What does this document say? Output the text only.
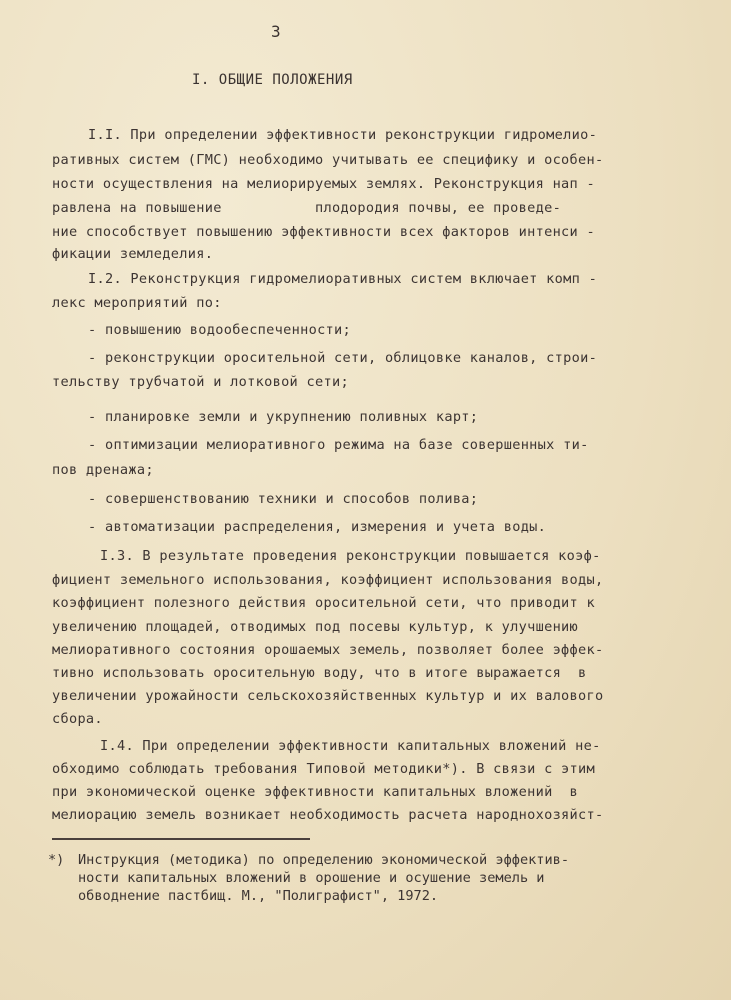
3
I. ОБЩИЕ ПОЛОЖЕНИЯ
I.I. При определении эффективности реконструкции гидромелио-
ративных систем (ГМС) необходимо учитывать ее специфику и особен-
ности осуществления на мелиорируемых землях. Реконструкция нап -
равлена на повышение           плодородия почвы, ее проведе-
ние способствует повышению эффективности всех факторов интенси -
фикации земледелия.
I.2. Реконструкция гидромелиоративных систем включает комп -
лекс мероприятий по:
- повышению водообеспеченности;
- реконструкции оросительной сети, облицовке каналов, строи-
тельству трубчатой и лотковой сети;
- планировке земли и укрупнению поливных карт;
- оптимизации мелиоративного режима на базе совершенных ти-
пов дренажа;
- совершенствованию техники и способов полива;
- автоматизации распределения, измерения и учета воды.
I.3. В результате проведения реконструкции повышается коэф-
фициент земельного использования, коэффициент использования воды,
коэффициент полезного действия оросительной сети, что приводит к
увеличению площадей, отводимых под посевы культур, к улучшению
мелиоративного состояния орошаемых земель, позволяет более эффек-
тивно использовать оросительную воду, что в итоге выражается  в
увеличении урожайности сельскохозяйственных культур и их валового
сбора.
I.4. При определении эффективности капитальных вложений не-
обходимо соблюдать требования Типовой методики*). В связи с этим
при экономической оценке эффективности капитальных вложений  в
мелиорацию земель возникает необходимость расчета народнохозяйст-
*) Инструкция (методика) по определению экономической эффектив-
ности капитальных вложений в орошение и осушение земель и
обводнение пастбищ. М., "Полиграфист", 1972.
